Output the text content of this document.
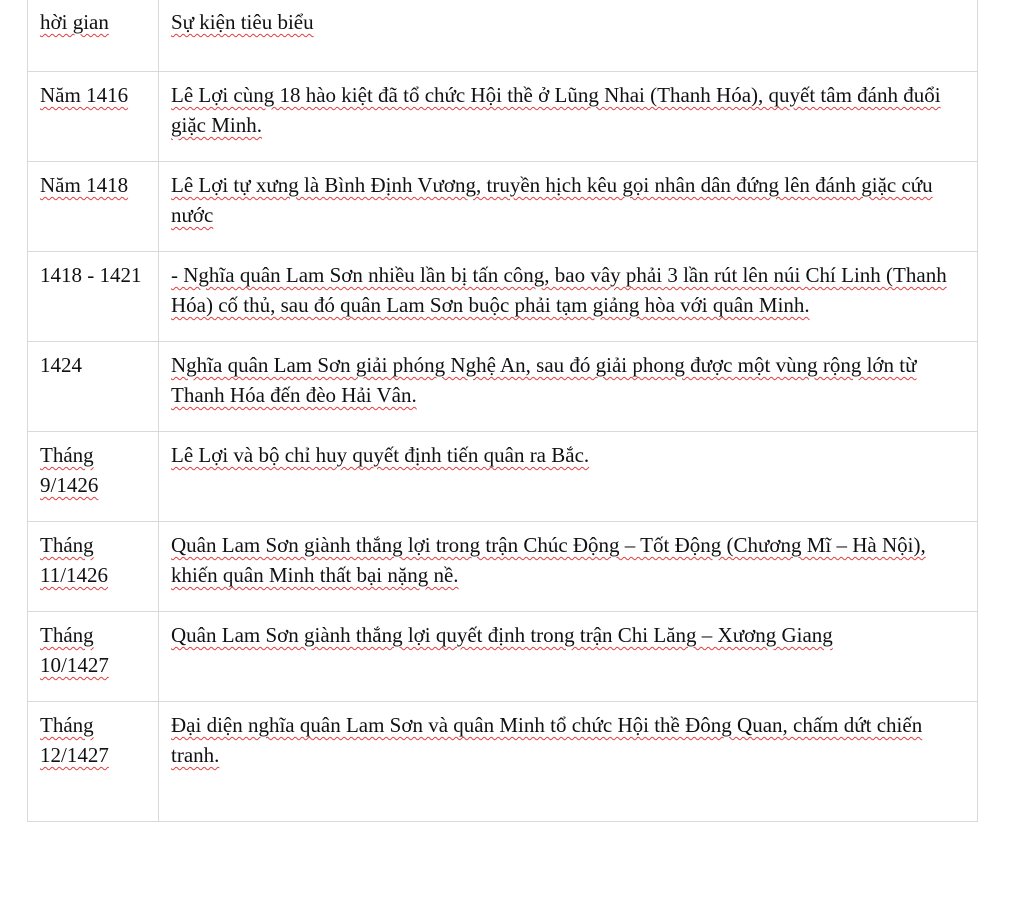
hời gian	Sự kiện tiêu biểu
Năm 1416	Lê Lợi cùng 18 hào kiệt đã tổ chức Hội thề ở Lũng Nhai (Thanh Hóa), quyết tâm đánh đuổi giặc Minh.
Năm 1418	Lê Lợi tự xưng là Bình Định Vương, truyền hịch kêu gọi nhân dân đứng lên đánh giặc cứu nước
1418 - 1421	- Nghĩa quân Lam Sơn nhiều lần bị tấn công, bao vây phải 3 lần rút lên núi Chí Linh (Thanh Hóa) cố thủ, sau đó quân Lam Sơn buộc phải tạm giảng hòa với quân Minh.
1424	Nghĩa quân Lam Sơn giải phóng Nghệ An, sau đó giải phong được một vùng rộng lớn từ Thanh Hóa đến đèo Hải Vân.
Tháng 9/1426	Lê Lợi và bộ chỉ huy quyết định tiến quân ra Bắc.
Tháng 11/1426	Quân Lam Sơn giành thắng lợi trong trận Chúc Động – Tốt Động (Chương Mĩ – Hà Nội), khiến quân Minh thất bại nặng nề.
Tháng 10/1427	Quân Lam Sơn giành thắng lợi quyết định trong trận Chi Lăng – Xương Giang
Tháng 12/1427	Đại diện nghĩa quân Lam Sơn và quân Minh tổ chức Hội thề Đông Quan, chấm dứt chiến tranh.
